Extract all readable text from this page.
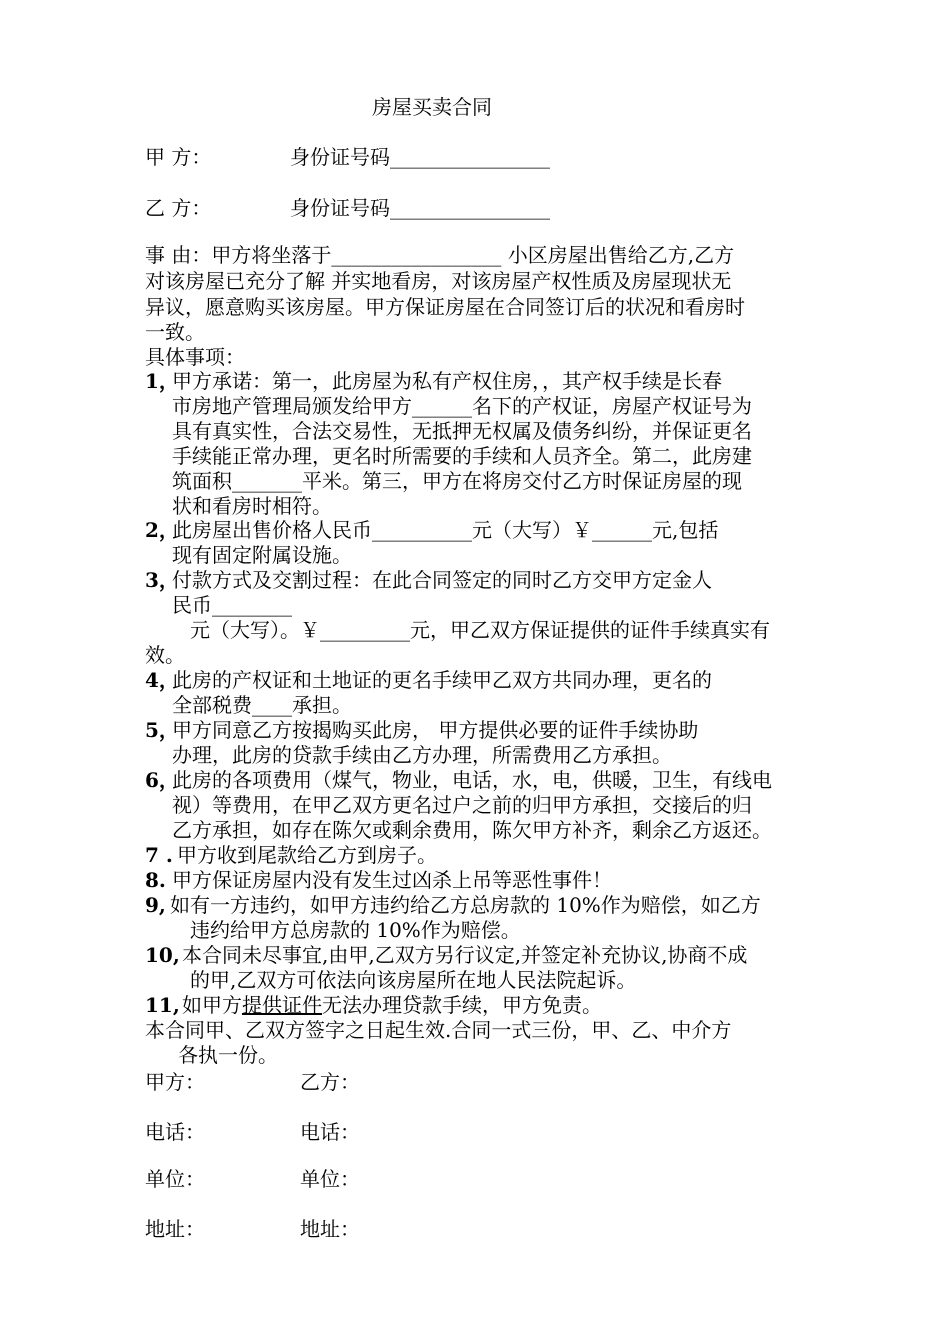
房屋买卖合同
甲 方：	身份证号码________________
乙 方：	身份证号码________________
事 由：甲方将坐落于_________________ 小区房屋出售给乙方,乙方
对该房屋已充分了解 并实地看房，对该房屋产权性质及房屋现状无
异议，愿意购买该房屋。甲方保证房屋在合同签订后的状况和看房时
一致。
具体事项：
1，
甲方承诺：第一，此房屋为私有产权住房，，其产权手续是长春
市房地产管理局颁发给甲方______名下的产权证，房屋产权证号为
具有真实性，合法交易性，无抵押无权属及债务纠纷，并保证更名
手续能正常办理，更名时所需要的手续和人员齐全。第二，此房建
筑面积_______平米。第三，甲方在将房交付乙方时保证房屋的现
状和看房时相符。
2，
此房屋出售价格人民币__________元（大写）￥______元,包括
现有固定附属设施。
3，
付款方式及交割过程：在此合同签定的同时乙方交甲方定金人
民币________
元（大写）。￥_________元，甲乙双方保证提供的证件手续真实有
效。
4，
此房的产权证和土地证的更名手续甲乙双方共同办理，更名的
全部税费____承担。
5，
甲方同意乙方按揭购买此房， 甲方提供必要的证件手续协助
办理，此房的贷款手续由乙方办理，所需费用乙方承担。
6，
此房的各项费用（煤气，物业，电话，水，电，供暖，卫生，有线电
视）等费用，在甲乙双方更名过户之前的归甲方承担，交接后的归
乙方承担，如存在陈欠或剩余费用，陈欠甲方补齐，剩余乙方返还。
7 . 甲方收到尾款给乙方到房子。
8. 甲方保证房屋内没有发生过凶杀上吊等恶性事件！
9, 如有一方违约，如甲方违约给乙方总房款的 10%作为赔偿，如乙方
违约给甲方总房款的 10%作为赔偿。
10, 本合同未尽事宜,由甲,乙双方另行议定,并签定补充协议,协商不成
的甲,乙双方可依法向该房屋所在地人民法院起诉。
11, 如甲方提供证件无法办理贷款手续，甲方免责。
本合同甲、乙双方签字之日起生效.合同一式三份，甲、乙、中介方
各执一份。
甲方：	乙方：
电话：	电话：
单位：	单位：
地址：	地址：
